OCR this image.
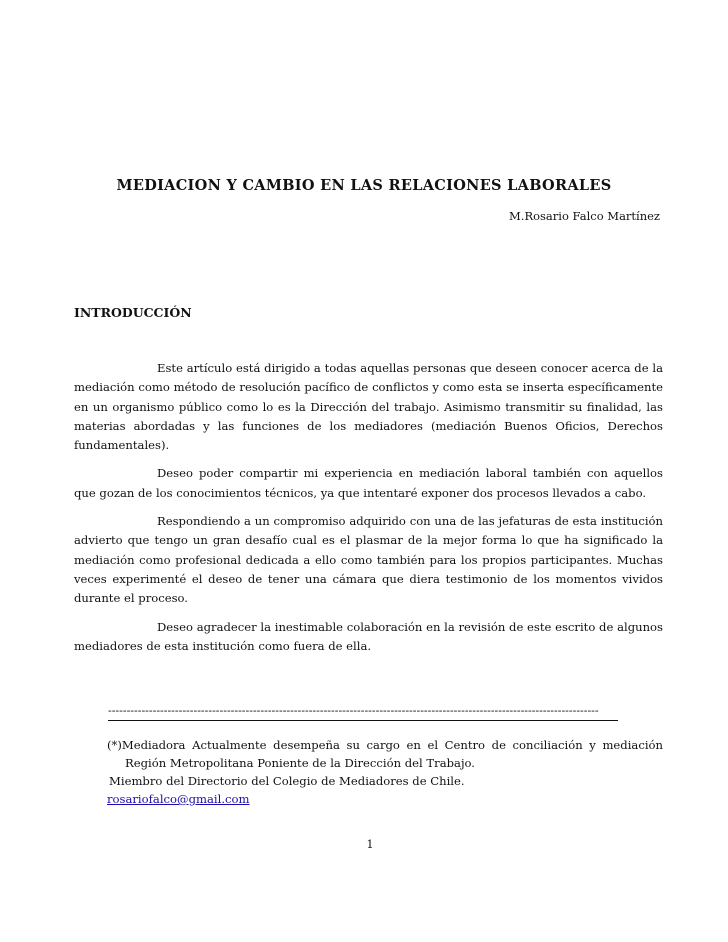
MEDIACION Y CAMBIO EN LAS RELACIONES LABORALES

M.Rosario Falco Martínez

INTRODUCCIÓN

Este artículo está dirigido a todas aquellas personas que deseen conocer acerca de la mediación como método de resolución pacífico de conflictos y como esta se inserta específicamente en un organismo público como lo es la Dirección del trabajo. Asimismo transmitir su finalidad, las materias abordadas y las funciones de los mediadores (mediación Buenos Oficios, Derechos fundamentales).

Deseo poder compartir mi experiencia en mediación laboral también con aquellos que gozan de los conocimientos técnicos, ya que intentaré exponer dos procesos llevados a cabo.

Respondiendo a un compromiso adquirido con una de las jefaturas de esta institución advierto que tengo un gran desafío cual es el plasmar de la mejor forma lo que ha significado la mediación como profesional dedicada a ello como también para los propios participantes. Muchas veces experimenté el deseo de tener una cámara que diera testimonio de los momentos vividos durante el proceso.

Deseo agradecer la inestimable colaboración en la revisión de este escrito de algunos mediadores de esta institución como fuera de ella.

------------------------------------------------------------------------------------------------------------------------------------

(*)Mediadora Actualmente desempeña su cargo en el Centro de conciliación y mediación Región Metropolitana Poniente de la Dirección del Trabajo.

Miembro del Directorio del Colegio de Mediadores de Chile.

rosariofalco@gmail.com

1
